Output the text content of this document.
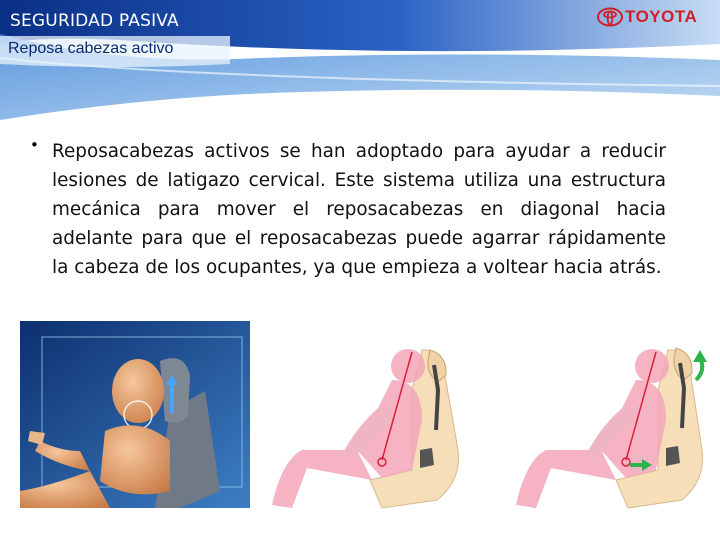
SEGURIDAD PASIVA
Reposa cabezas activo
TOYOTA
• Reposacabezas activos se han adoptado para ayudar a reducir lesiones de latigazo cervical. Este sistema utiliza una estructura mecánica para mover el reposacabezas en diagonal hacia adelante para que el reposacabezas puede agarrar rápidamente la cabeza de los ocupantes, ya que empieza a voltear hacia atrás.
